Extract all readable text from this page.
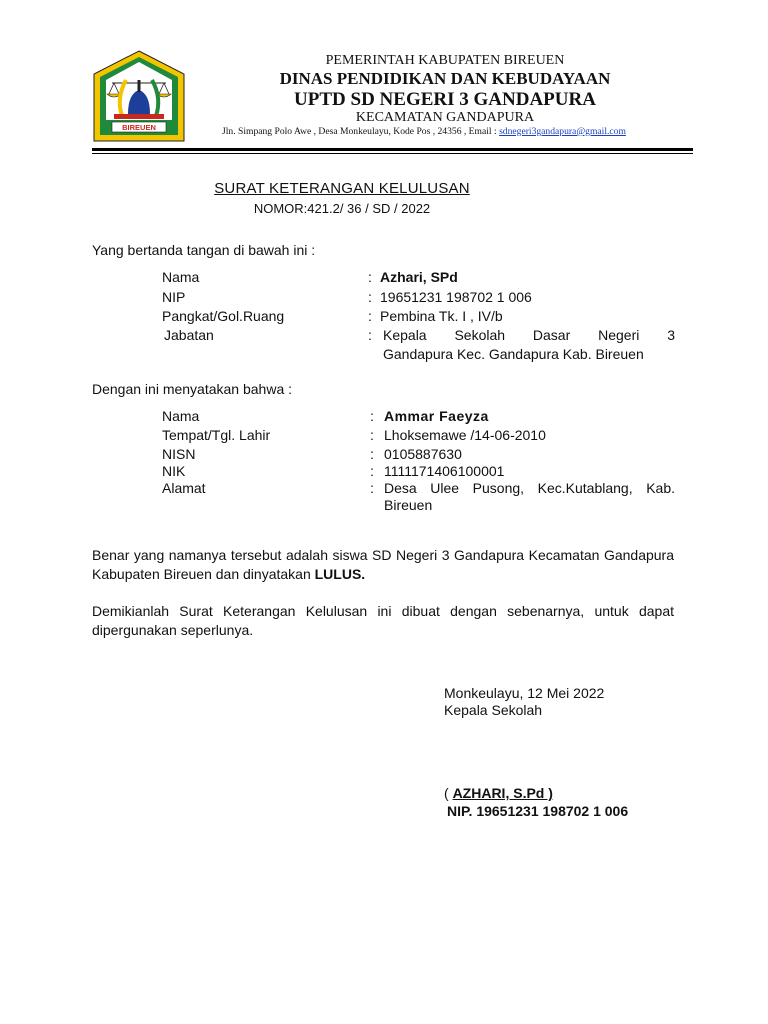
BIREUEN
PEMERINTAH KABUPATEN BIREUEN
DINAS PENDIDIKAN DAN KEBUDAYAAN
UPTD SD NEGERI 3 GANDAPURA
KECAMATAN GANDAPURA
Jln. Simpang Polo Awe , Desa Monkeulayu, Kode Pos , 24356 , Email : sdnegeri3gandapura@gmail.com
SURAT KETERANGAN KELULUSAN
NOMOR:421.2/ 36 / SD / 2022
Yang bertanda tangan di bawah ini :
Nama	: Azhari, SPd
NIP	: 19651231 198702 1 006
Pangkat/Gol.Ruang	: Pembina Tk. I , IV/b
Jabatan	: Kepala Sekolah Dasar Negeri 3
Gandapura Kec. Gandapura Kab. Bireuen
Dengan ini menyatakan bahwa :
Nama	: Ammar Faeyza
Tempat/Tgl. Lahir	: Lhoksemawe /14-06-2010
NISN	: 0105887630
NIK	: 1111171406100001
Alamat	: Desa Ulee Pusong, Kec.Kutablang, Kab.
Bireuen
Benar yang namanya tersebut adalah siswa SD Negeri 3 Gandapura Kecamatan Gandapura Kabupaten Bireuen dan dinyatakan LULUS.
Demikianlah Surat Keterangan Kelulusan ini dibuat dengan sebenarnya, untuk dapat dipergunakan seperlunya.
Monkeulayu, 12 Mei 2022
Kepala Sekolah
( AZHARI, S.Pd )
NIP. 19651231 198702 1 006
